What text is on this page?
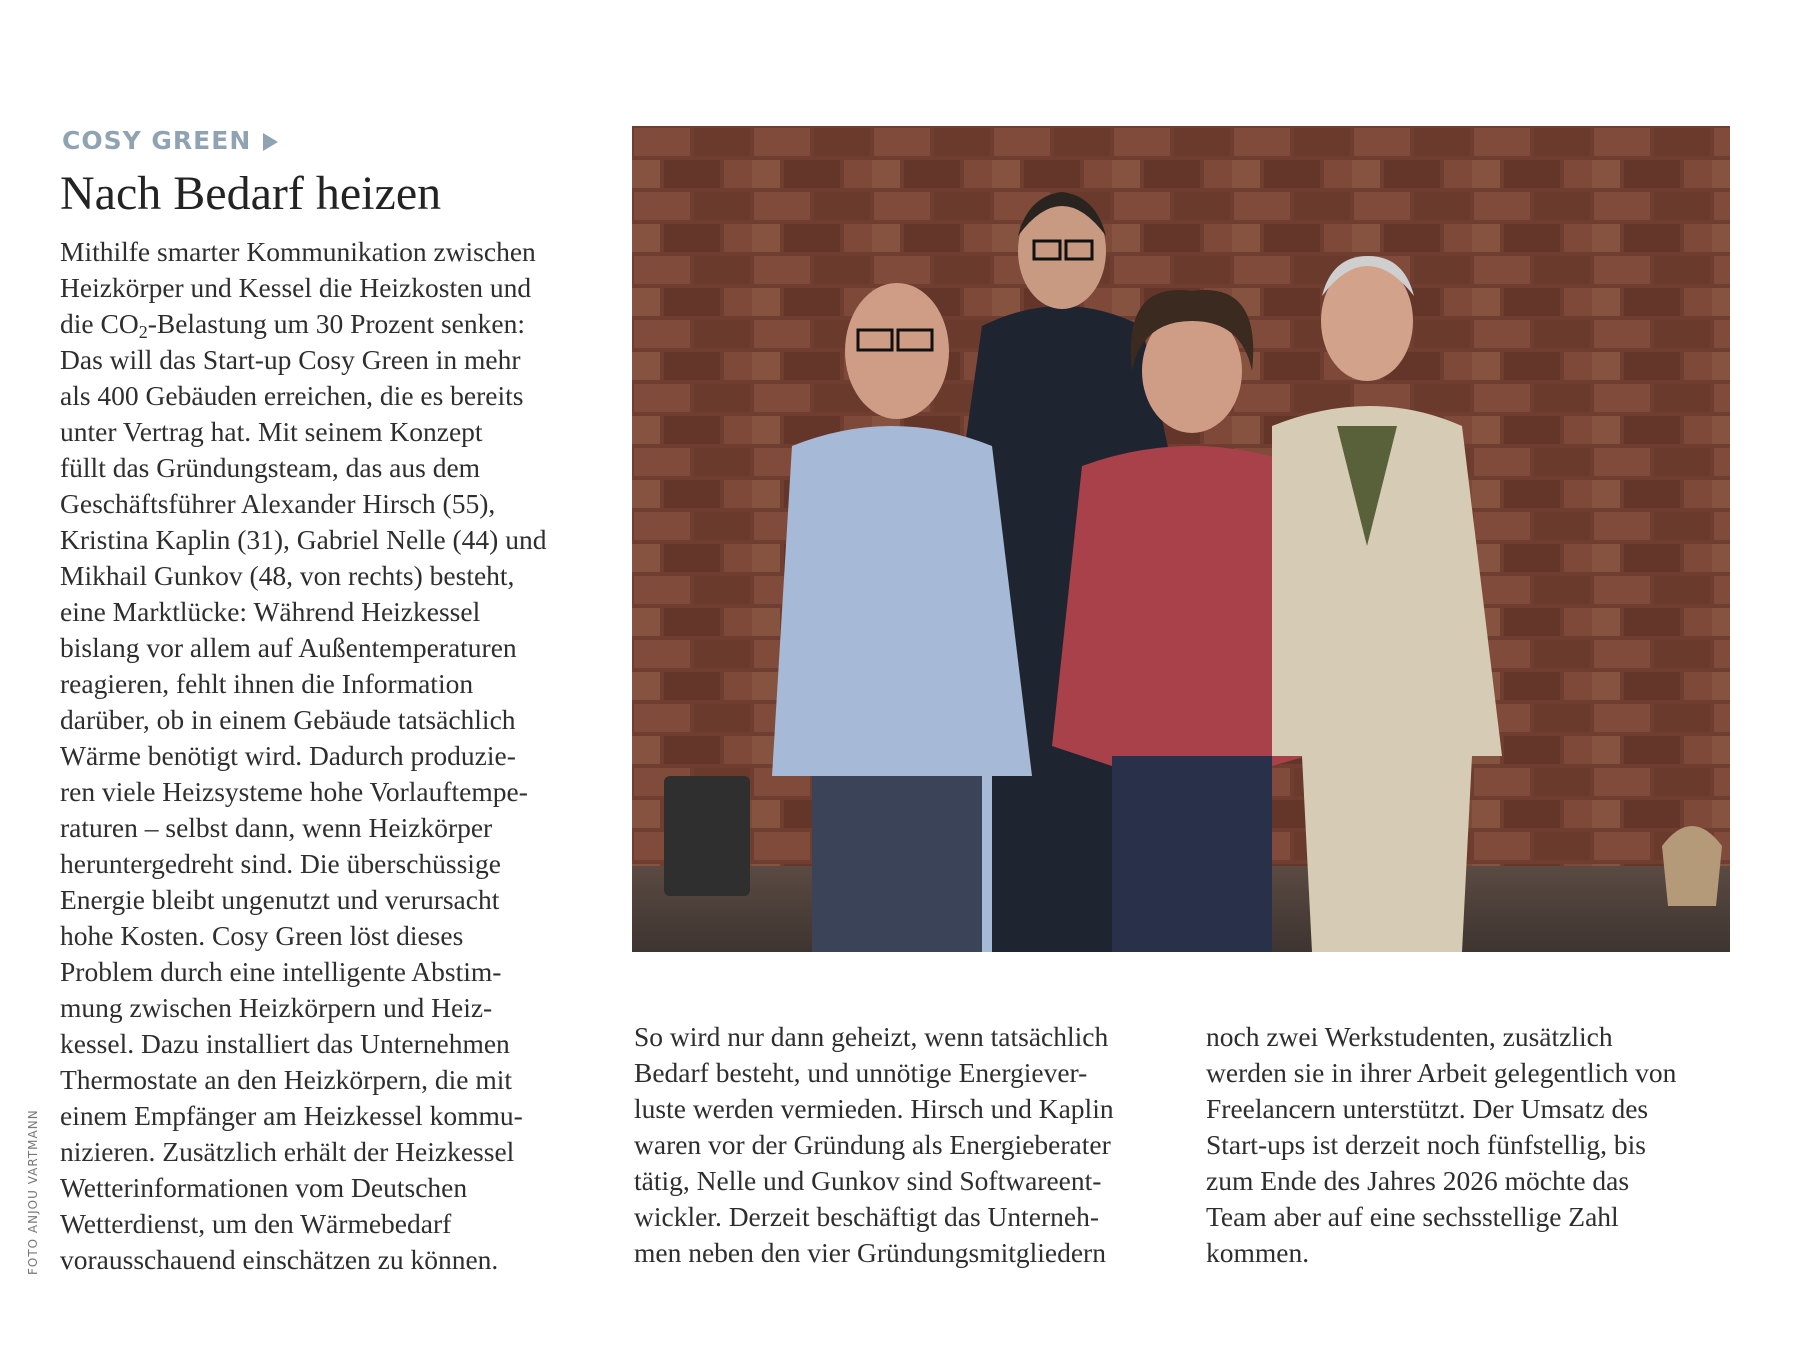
COSY GREEN
Nach Bedarf heizen
Mithilfe smarter Kommunikation zwischen
Heizkörper und Kessel die Heizkosten und
die $CO_2$-Belastung um 30 Prozent senken:
Das will das Start-up Cosy Green in mehr
als 400 Gebäuden erreichen, die es bereits
unter Vertrag hat. Mit seinem Konzept
füllt das Gründungsteam, das aus dem
Geschäftsführer Alexander Hirsch (55),
Kristina Kaplin (31), Gabriel Nelle (44) und
Mikhail Gunkov (48, von rechts) besteht,
eine Marktlücke: Während Heizkessel
bislang vor allem auf Außentemperaturen
reagieren, fehlt ihnen die Information
darüber, ob in einem Gebäude tatsächlich
Wärme benötigt wird. Dadurch produzie-
ren viele Heizsysteme hohe Vorlauftempe-
raturen – selbst dann, wenn Heizkörper
heruntergedreht sind. Die überschüssige
Energie bleibt ungenutzt und verursacht
hohe Kosten. Cosy Green löst dieses
Problem durch eine intelligente Abstim-
mung zwischen Heizkörpern und Heiz-
kessel. Dazu installiert das Unternehmen
Thermostate an den Heizkörpern, die mit
einem Empfänger am Heizkessel kommu-
nizieren. Zusätzlich erhält der Heizkessel
Wetterinformationen vom Deutschen
Wetterdienst, um den Wärmebedarf
vorausschauend einschätzen zu können.
So wird nur dann geheizt, wenn tatsächlich
Bedarf besteht, und unnötige Energiever-
luste werden vermieden. Hirsch und Kaplin
waren vor der Gründung als Energieberater
tätig, Nelle und Gunkov sind Softwareent-
wickler. Derzeit beschäftigt das Unterneh-
men neben den vier Gründungsmitgliedern
noch zwei Werkstudenten, zusätzlich
werden sie in ihrer Arbeit gelegentlich von
Freelancern unterstützt. Der Umsatz des
Start-ups ist derzeit noch fünfstellig, bis
zum Ende des Jahres 2026 möchte das
Team aber auf eine sechsstellige Zahl
kommen.
FOTO ANJOU VARTMANN
